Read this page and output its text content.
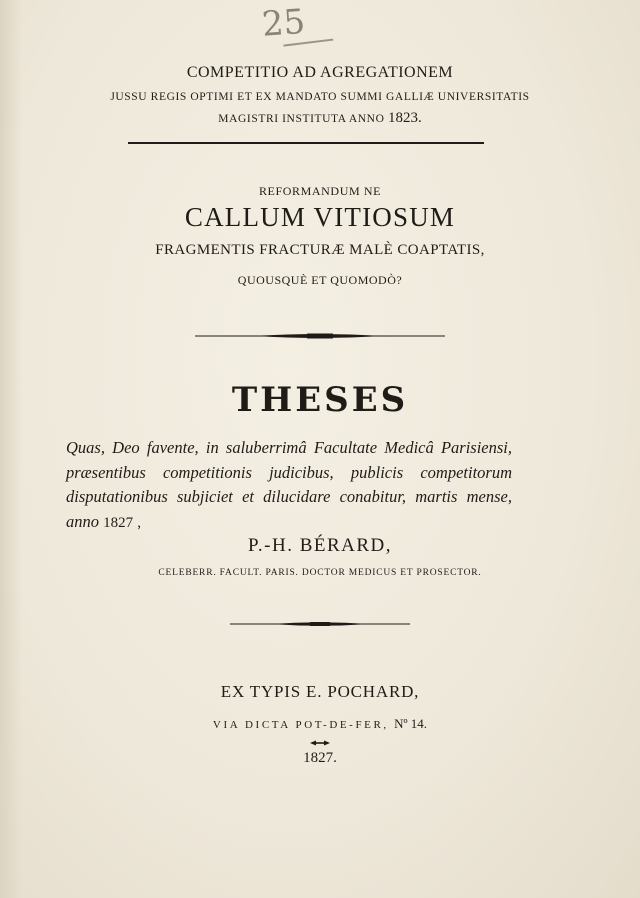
25
COMPETITIO AD AGREGATIONEM
JUSSU REGIS OPTIMI ET EX MANDATO SUMMI GALLIÆ UNIVERSITATIS
MAGISTRI INSTITUTA ANNO 1823.
REFORMANDUM NE
CALLUM VITIOSUM
FRAGMENTIS FRACTURÆ MALÈ COAPTATIS,
QUOUSQUÈ ET QUOMODÒ?
THESES
Quas, Deo favente, in saluberrimâ Facultate Medicâ Parisiensi, præsentibus competitionis judicibus, publicis competitorum disputationibus subjiciet et dilucidare conabitur, martis mense, anno 1827 ,
P.-H. BÉRARD,
CELEBERR. FACULT. PARIS. DOCTOR MEDICUS ET PROSECTOR.
EX TYPIS E. POCHARD,
VIA DICTA POT-DE-FER, Nº 14.
1827.
